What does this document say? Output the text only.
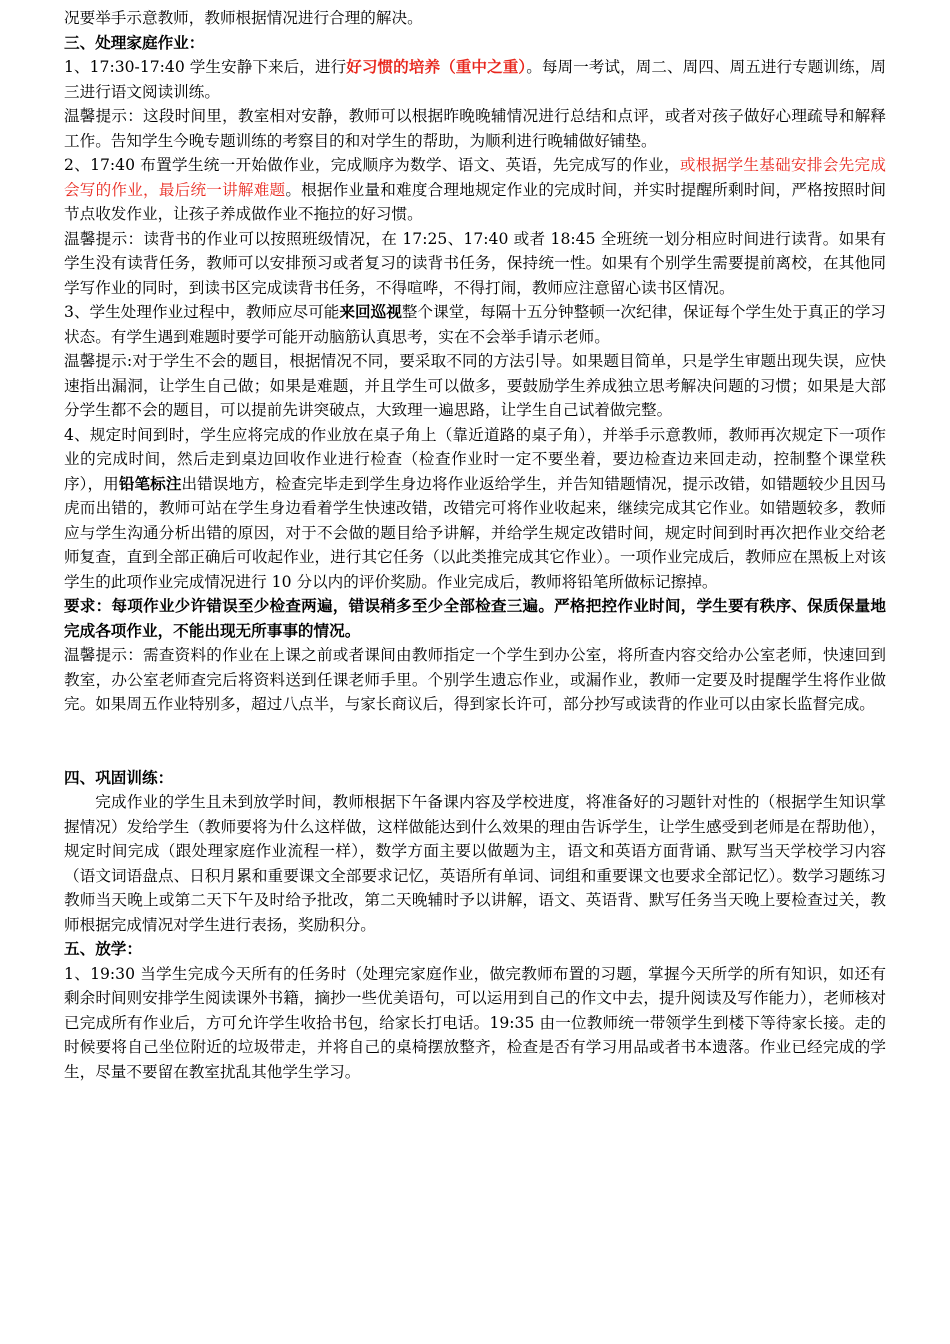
况要举手示意教师，教师根据情况进行合理的解决。

三、处理家庭作业：

1、17:30-17:40 学生安静下来后，进行好习惯的培养（重中之重）。每周一考试，周二、周四、周五进行专题训练，周三进行语文阅读训练。

温馨提示：这段时间里，教室相对安静，教师可以根据昨晚晚辅情况进行总结和点评，或者对孩子做好心理疏导和解释工作。告知学生今晚专题训练的考察目的和对学生的帮助，为顺利进行晚辅做好铺垫。

2、17:40 布置学生统一开始做作业，完成顺序为数学、语文、英语，先完成写的作业，或根据学生基础安排会先完成会写的作业，最后统一讲解难题。根据作业量和难度合理地规定作业的完成时间，并实时提醒所剩时间，严格按照时间节点收发作业，让孩子养成做作业不拖拉的好习惯。

温馨提示：读背书的作业可以按照班级情况，在 17:25、17:40 或者 18:45 全班统一划分相应时间进行读背。如果有学生没有读背任务，教师可以安排预习或者复习的读背书任务，保持统一性。如果有个别学生需要提前离校，在其他同学写作业的同时，到读书区完成读背书任务，不得喧哗，不得打闹，教师应注意留心读书区情况。

3、学生处理作业过程中，教师应尽可能来回巡视整个课堂，每隔十五分钟整顿一次纪律，保证每个学生处于真正的学习状态。有学生遇到难题时要学可能开动脑筋认真思考，实在不会举手请示老师。

温馨提示:对于学生不会的题目，根据情况不同，要采取不同的方法引导。如果题目简单，只是学生审题出现失误，应快速指出漏洞，让学生自己做；如果是难题，并且学生可以做多，要鼓励学生养成独立思考解决问题的习惯；如果是大部分学生都不会的题目，可以提前先讲突破点，大致理一遍思路，让学生自己试着做完整。

4、规定时间到时，学生应将完成的作业放在桌子角上（靠近道路的桌子角），并举手示意教师，教师再次规定下一项作业的完成时间，然后走到桌边回收作业进行检查（检查作业时一定不要坐着，要边检查边来回走动，控制整个课堂秩序），用铅笔标注出错误地方，检查完毕走到学生身边将作业返给学生，并告知错题情况，提示改错，如错题较少且因马虎而出错的，教师可站在学生身边看着学生快速改错，改错完可将作业收起来，继续完成其它作业。如错题较多，教师应与学生沟通分析出错的原因，对于不会做的题目给予讲解，并给学生规定改错时间，规定时间到时再次把作业交给老师复查，直到全部正确后可收起作业，进行其它任务（以此类推完成其它作业）。一项作业完成后，教师应在黑板上对该学生的此项作业完成情况进行 10 分以内的评价奖励。作业完成后，教师将铅笔所做标记擦掉。

要求：每项作业少许错误至少检查两遍，错误稍多至少全部检查三遍。严格把控作业时间，学生要有秩序、保质保量地完成各项作业，不能出现无所事事的情况。

温馨提示：需查资料的作业在上课之前或者课间由教师指定一个学生到办公室，将所查内容交给办公室老师，快速回到教室，办公室老师查完后将资料送到任课老师手里。个别学生遗忘作业，或漏作业，教师一定要及时提醒学生将作业做完。如果周五作业特别多，超过八点半，与家长商议后，得到家长许可，部分抄写或读背的作业可以由家长监督完成。

四、巩固训练：

完成作业的学生且未到放学时间，教师根据下午备课内容及学校进度，将准备好的习题针对性的（根据学生知识掌握情况）发给学生（教师要将为什么这样做，这样做能达到什么效果的理由告诉学生，让学生感受到老师是在帮助他），规定时间完成（跟处理家庭作业流程一样），数学方面主要以做题为主，语文和英语方面背诵、默写当天学校学习内容（语文词语盘点、日积月累和重要课文全部要求记忆，英语所有单词、词组和重要课文也要求全部记忆）。数学习题练习教师当天晚上或第二天下午及时给予批改，第二天晚辅时予以讲解，语文、英语背、默写任务当天晚上要检查过关，教师根据完成情况对学生进行表扬，奖励积分。

五、放学：

1、19:30 当学生完成今天所有的任务时（处理完家庭作业，做完教师布置的习题，掌握今天所学的所有知识，如还有剩余时间则安排学生阅读课外书籍，摘抄一些优美语句，可以运用到自己的作文中去，提升阅读及写作能力），老师核对已完成所有作业后，方可允许学生收拾书包，给家长打电话。19:35 由一位教师统一带领学生到楼下等待家长接。走的时候要将自己坐位附近的垃圾带走，并将自己的桌椅摆放整齐，检查是否有学习用品或者书本遗落。作业已经完成的学生，尽量不要留在教室扰乱其他学生学习。
